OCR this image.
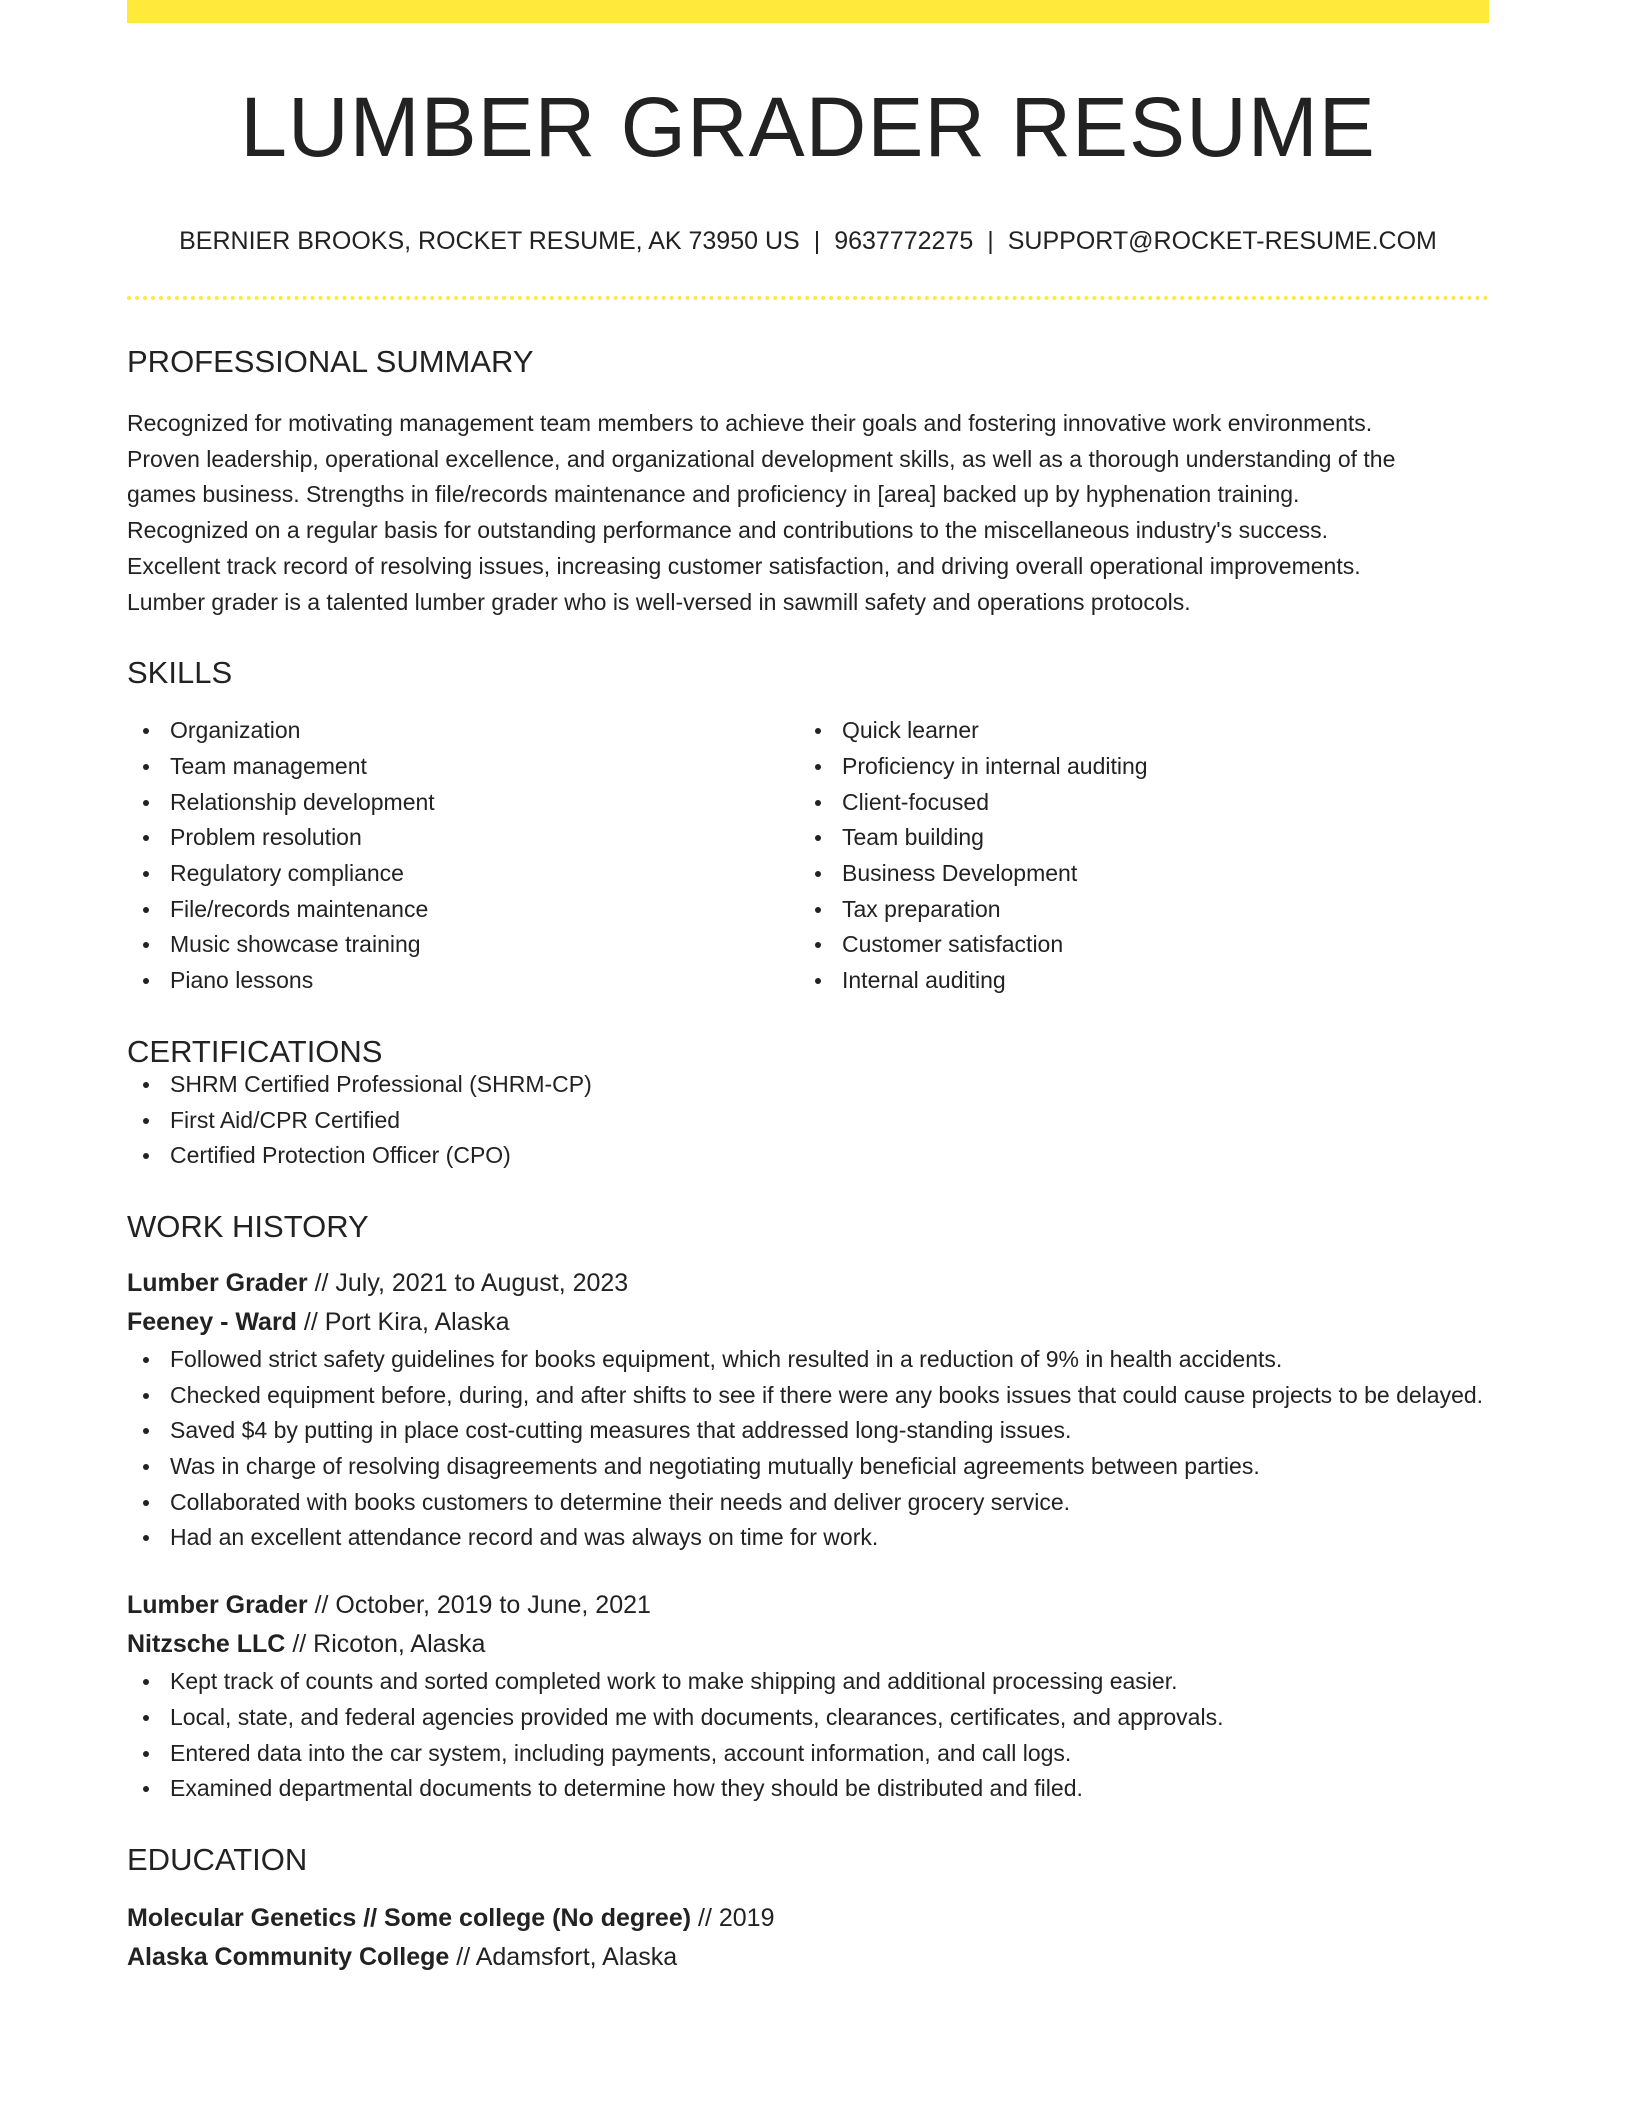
LUMBER GRADER RESUME
BERNIER BROOKS, ROCKET RESUME, AK 73950 US | 9637772275 | SUPPORT@ROCKET-RESUME.COM
PROFESSIONAL SUMMARY
Recognized for motivating management team members to achieve their goals and fostering innovative work environments.
Proven leadership, operational excellence, and organizational development skills, as well as a thorough understanding of the
games business. Strengths in file/records maintenance and proficiency in [area] backed up by hyphenation training.
Recognized on a regular basis for outstanding performance and contributions to the miscellaneous industry's success.
Excellent track record of resolving issues, increasing customer satisfaction, and driving overall operational improvements.
Lumber grader is a talented lumber grader who is well-versed in sawmill safety and operations protocols.
SKILLS
Organization
Team management
Relationship development
Problem resolution
Regulatory compliance
File/records maintenance
Music showcase training
Piano lessons
Quick learner
Proficiency in internal auditing
Client-focused
Team building
Business Development
Tax preparation
Customer satisfaction
Internal auditing
CERTIFICATIONS
SHRM Certified Professional (SHRM-CP)
First Aid/CPR Certified
Certified Protection Officer (CPO)
WORK HISTORY
Lumber Grader // July, 2021 to August, 2023
Feeney - Ward // Port Kira, Alaska
Followed strict safety guidelines for books equipment, which resulted in a reduction of 9% in health accidents.
Checked equipment before, during, and after shifts to see if there were any books issues that could cause projects to be delayed.
Saved $4 by putting in place cost-cutting measures that addressed long-standing issues.
Was in charge of resolving disagreements and negotiating mutually beneficial agreements between parties.
Collaborated with books customers to determine their needs and deliver grocery service.
Had an excellent attendance record and was always on time for work.
Lumber Grader // October, 2019 to June, 2021
Nitzsche LLC // Ricoton, Alaska
Kept track of counts and sorted completed work to make shipping and additional processing easier.
Local, state, and federal agencies provided me with documents, clearances, certificates, and approvals.
Entered data into the car system, including payments, account information, and call logs.
Examined departmental documents to determine how they should be distributed and filed.
EDUCATION
Molecular Genetics // Some college (No degree) // 2019
Alaska Community College // Adamsfort, Alaska
